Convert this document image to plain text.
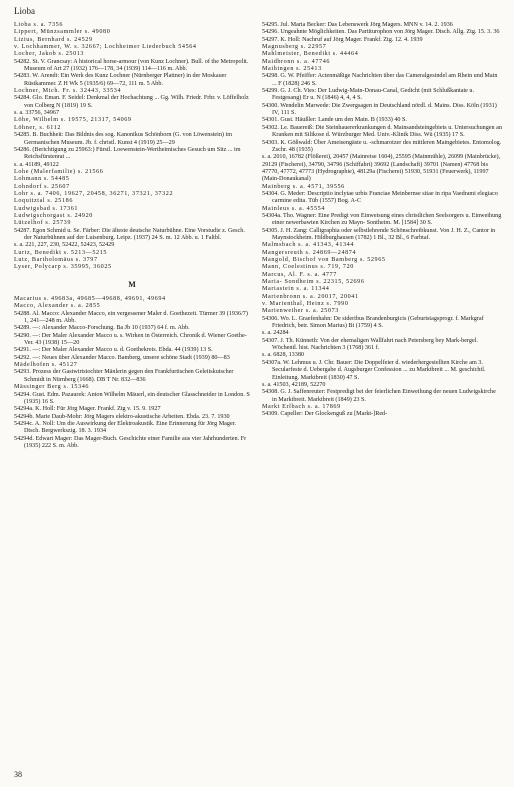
Lioba
Lioba s. a. 7356
Lippert, Münzsammler s. 49080
Lizius, Bernhard s. 24529
v. Lochhammer, W. s. 32667; Lochheimer Liederbuch 54564
Locher, Jakob s. 25013
54282. St. V. Grancsay: A historical horse-armour (von Kunz Lochner). Bull. of the Metropolit. Museum of Art 27 (1932) 176—178, 34 (1939) 114—116 m. Abb.
54283. W. Arendt: Ein Werk des Kunz Lochner (Nürnberger Plattner) in der Moskauer Rüstkammer. Z H Wk 5 (1935/6) 69—72, 111 m. 5 Abb.
Lochner, Mich. Fr. s. 32443, 33534
54284. Glo. Eman. F. Seidel: Denkmal der Hochachtung ... Gg. Wilh. Friedr. Frhr. v. Löffelholz von Colberg N (1819) 19 S.
s. a. 33756, 34967
Löhe, Wilhelm s. 19575, 21317, 54069
Löhner, s. 6112
54285. B. Buchheit: Das Bildnis des sog. Kanonikus Schönborn (G. von Löwenstein) im Germanischen Museum. Jb. f. christl. Kunst 4 (1919) 25—29
54286. (Berichtigung zu 25963:) Fürstl. Loewenstein-Wertheimisches Gesuch um Sitz ... im Reichsfürstenrat ...
s. a. 41189, 49122
Lohe (Malerfamilie) s. 21566
Lohmann s. 54485
Lohndorf s. 25607
Lohr s. a. 7406, 19627, 20458, 36271, 37321, 37322
Loquitztal s. 25186
Ludwigsbad s. 17361
Ludwigschorgast s. 24920
Lützelhof s. 25739
54287. Egon Schmid u. Se. Färber: Die älteste deutsche Naturbühne. Eine Vorstudie z. Gesch. der Naturbühnen auf der Luisenburg. Leipz. (1937) 24 S. m. 12 Abb. u. 1 Faltbl.
s. a. 221, 227, 230, 52422, 52423, 52429
Lurtz, Benedikt s. 5213—5215
Lutz, Bartholomäus s. 3797
Lyser, Polycarp s. 35995, 36025
M
Macarius s. 49683a, 49685—49688, 49691, 49694
Macco, Alexander s. a. 2855
54288. Al. Macco: Alexander Macco, ein vergessener Maler d. Goethezeit. Türmer 39 (1936/7) 1, 241—248 m. Abb.
54289. —: Alexander Macco-Forschung. Ba Jb 10 (1937) 64 f. m. Abb.
54290. —: Der Maler Alexander Macco u. s. Wirken in Österreich. Chronik d. Wiener Goethe-Ver. 43 (1938) 15—20
54291. —: Der Maler Alexander Macco u. d. Goethekreis. Ebda. 44 (1939) 13 S.
54292. —: Neues über Alexander Macco. Bamberg, unsere schöne Stadt (1939) 80—83
Mädelhofen s. 45127
54293. Prozess der Gastwirtstochter Mänlerin gegen den Frankfurtischen Geleitskutscher Schmidt in Nürnberg (1668). DB T Nr. 832—836
Mässinger Berg s. 15346
54294. Gust. Edm. Pazaurek: Anton Wilhelm Mäuerl, ein deutscher Glasschneider in London. S (1935) 16 S.
54294a. K. Holl: Für Jörg Mager. Frankf. Ztg v. 15. 9. 1927
54294b. Marie Daub-Mohr: Jörg Magers elektro-akustische Arbeiten. Ebda. 23. 7. 1930
54294c. A. Noll: Um die Auswirkung der Elektroakustik. Eine Erinnerung für Jörg Mager. Dtsch. Bergwerkszig. 18. 3. 1934
54294d. Edwart Mager: Das Mager-Buch. Geschichte einer Familie aus vier Jahrhunderten. Fr (1935) 222 S. m. Abb.
54295. Jul. Maria Becker: Das Lebenswerk Jörg Magers. MNN v. 14. 2. 1936
54296. Ungeahnte Möglichkeiten. Das Partiturophon von Jörg Mager. Dtsch. Allg. Ztg. 15. 3. 36
54297. K. Holl: Nachruf auf Jörg Mager. Frankf. Ztg. 12. 4. 1939
Magnusberg s. 22957
Mahlmeister, Benedikt s. 44464
Maidbronn s. a. 47746
Maihingen s. 25413
54298. G. W. Pfeiffer: Actenmäßige Nachrichten über das Cameralgesindel am Rhein und Main ... F (1828) 246 S.
54299. G. J. Ch. Vies: Der Ludwig-Main-Donau-Canal, Gedicht (mit Schlußkantate u. Festgesang) Er u. N (1846) 4, 4, 4 S.
54300. Wendelin Marwede: Die Zwergsagen in Deutschland nördl. d. Mains. Diss. Köln (1931) IV, 111 S.
54301. Gust. Häußler: Lande um den Main. B (1933) 40 S.
54302. Le. Bauereiß: Die Steinhauererkrankungen d. Mainsandsteingebiets u. Untersuchungen an Kranken mit Silikose d. Würzburger Med. Univ.-Klinik Diss. Wü (1935) 17 S.
54303. K. Gößwald: Über Ameisengäste u. -schmarotzer des mittleren Maingebietes. Entomolog. Zschr. 48 (1935)
s. a. 2010, 16782 (Flößerei), 20457 (Mainreise 1604), 25595 (Mainmühle), 26099 (Mainbrücke), 29129 (Fischerei), 34790, 34796 (Schiffahrt) 39692 (Landschaft) 39701 (Namen) 47768 bis 47770, 47772, 47773 (Hydrographie), 48129a (Fischerei) 51930, 51931 (Feuerwerk), 11997 (Main-Donaukanal)
Mainberg s. a. 4571, 39556
54304. G. Meder: Descriptio inclytae urbis Franciae Meinbernse sitae in ripa Vaedrami elegiaco carmine edita. Tüb (1557) Bog. A-C
Mainleus s. a. 45554
54304a. Tho. Wagner: Eine Predigt von Einweisung eines christlichen Seelsorgers u. Einweihung einer newerbawten Kirchen zu Mayn- Sontheim. M. [1584] 30 S.
54305. J. H. Zang: Calligraphia oder selbstlehrende Schönschreibkunst. Von J. H. Z., Cantor in Maynstockheim. Hildburghausen (1782) 1 Bl., 32 Bl., 6 Farbtaf.
Malmsbach s. a. 41343, 41344
Mangersreuth s. 24869—24874
Mangold, Bischof von Bamberg s. 52965
Mann, Coelestinus s. 719, 720
Marcus, Al. F. s. a. 4777
Maria- Sondheim s. 22315, 52696
Mariastein s. a. 11344
Marienbronn s. a. 20017, 20041
v. Marienthal, Heinz s. 7990
Marienweiher s. a. 25073
54306. Wo. L. Graefenhahn: De sideribus Brandenburgicis (Geburtstagsprogr. f. Markgraf Friedrich, betr. Simon Marius) Bt (1759) 4 S.
s. a. 24284
54307. J. Th. Künneth: Von der ehemaligen Wallfahrt nach Petersberg bey Mark-bergel. Wöchentl. hist. Nachrichten 3 (1768) 361 f.
s. a. 6828, 13380
54307a. W. Lehmus u. J. Chr. Bauer: Die Doppelfeier d. wiederhergestellten Kirche am 3. Secularfeste d. Uebergabe d. Augsburger Confession ... zu Marktbreit ... M. geschichtl. Einleitung. Marktbreit (1830) 47 S.
s. a. 41503, 42189, 52270
54308. G. J. Saffenreuter: Festpredigt bei der feierlichen Einweihung der neuen Ludwigskirche in Marktbreit. Marktbreit (1849) 23 S.
Markt Erlbach s. a. 17869
54309. Capeller: Der Glockenguß zu [Markt-]Red-
38
